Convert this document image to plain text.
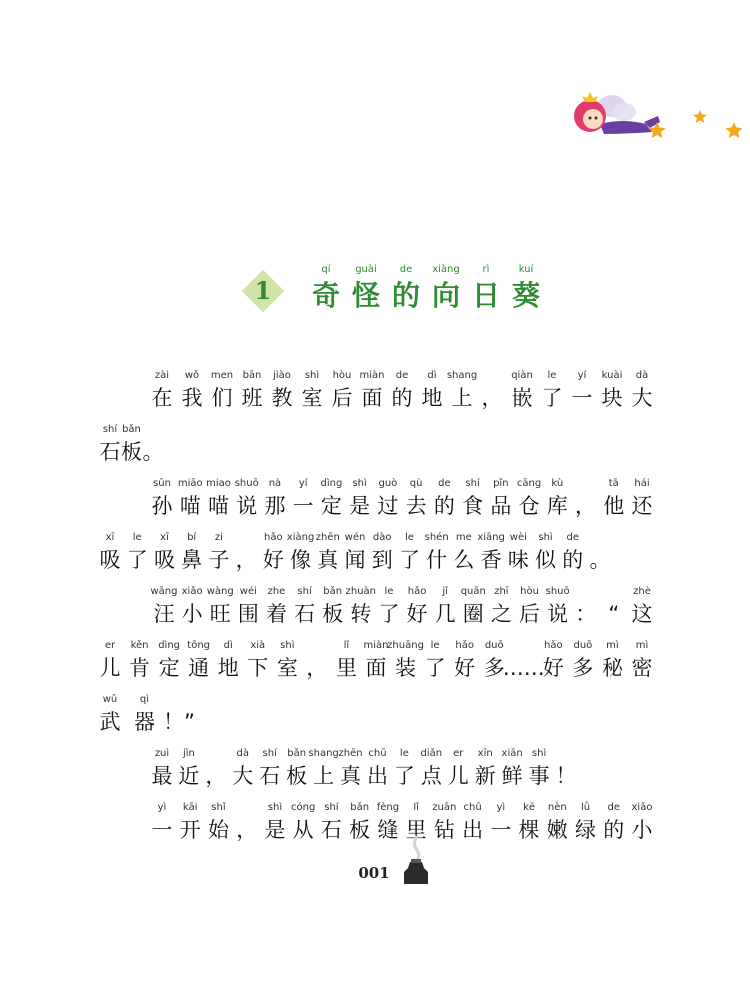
1
qí
奇
guài
怪
de
的
xiàng
向
rì
日
kuí
葵
zài
在
wǒ
我
men
们
bān
班
jiào
教
shì
室
hòu
后
miàn
面
de
的
dì
地
shang
上 ，
qiàn
嵌
le
了
yí
一
kuài
块
dà
大
shí
石
bǎn
板 。
sūn
孙
miāo
喵
miao
喵
shuō
说
nà
那
yí
一
dìng
定
shì
是
guò
过
qù
去
de
的
shí
食
pǐn
品
cāng
仓
kù
库 ，
tā
他
hái
还
xī
吸
le
了
xī
吸
bí
鼻
zi
子 ，
hǎo
好
xiàng
像
zhēn
真
wén
闻
dào
到
le
了
shén
什
me
么
xiāng
香
wèi
味
shì
似
de
的 。
wāng
汪
xiǎo
小
wàng
旺
wéi
围
zhe
着
shí
石
bǎn
板
zhuàn
转
le
了
hǎo
好
jǐ
几
quān
圈
zhī
之
hòu
后
shuō
说 ： “
zhè
这
er
儿
kěn
肯
dìng
定
tōng
通
dì
地
xià
下
shì
室 ，
lǐ
里
miàn
面
zhuāng
装
le
了
hǎo
好
duō
多
……
hǎo
好
duō
多
mì
秘
mì
密
wǔ
武
qì
器 ！”
zuì
最
jìn
近 ，
dà
大
shí
石
bǎn
板
shang
上
zhēn
真
chū
出
le
了
diǎn
点
er
儿
xīn
新
xiān
鲜
shì
事 ！
yì
一
kāi
开
shǐ
始 ，
shì
是
cóng
从
shí
石
bǎn
板
fèng
缝
lǐ
里
zuān
钻
chū
出
yì
一
kē
棵
nèn
嫩
lǜ
绿
de
的
xiǎo
小
001
